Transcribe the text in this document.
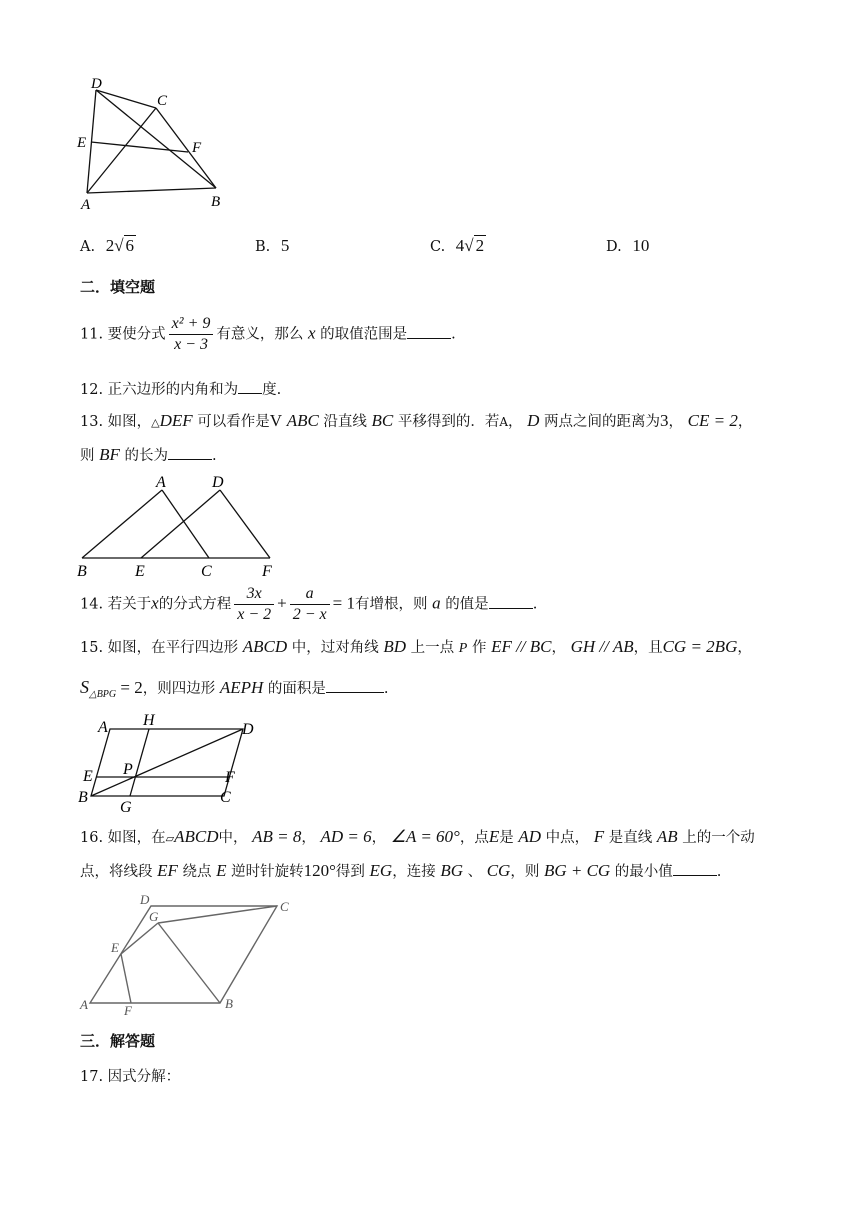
D
C
E	F
A	B
A. 2√ 6	B. 5	C. 4√ 2	D. 10
二．填空题
11. 要使分式 $\frac{\text{x² + 9}}{x - 3}$ 有意义，那么 x 的取值范围是	.
12. 正六边形的内角和为 度.
13. 如图，△DEF 可以看作是V ABC 沿直线 BC 平移得到的．若A， D 两点之间的距离为3， CE = 2，
则 BF 的长为	.
A	D
B	E	C	F
14. 若关于x的分式方程 $\frac{3x}{x - 2} + \frac{a}{2 - x} = 1$有增根，则 a 的值是	.
15. 如图，在平行四边形 ABCD 中，过对角线 BD 上一点 P 作 EF // BC， GH // AB，且CG = 2BG，
$S_{\triangle BPG} = 2$，则四边形 AEPH 的面积是	.
A H
D
E P	F
B
G
C
16. 如图，在▱ABCD中， AB = 8， AD = 6， ∠A = 60°，点E是 AD 中点， F 是直线 AB 上的一个动
点，将线段 EF 绕点 E 逆时针旋转120°得到 EG，连接 BG 、 CG，则 BG + CG 的最小值	.
D	C
G
E
A	F	B
三．解答题
17. 因式分解：
